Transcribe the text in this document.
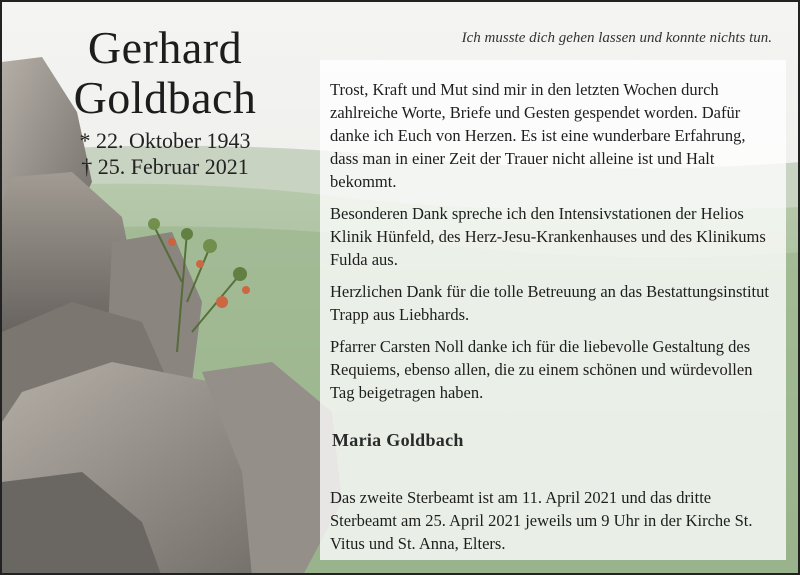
Gerhard
Goldbach
* 22. Oktober 1943
† 25. Februar 2021
Ich musste dich gehen lassen und konnte nichts tun.

Trost, Kraft und Mut sind mir in den letzten Wochen durch zahlreiche Worte, Briefe und Gesten gespendet worden. Dafür danke ich Euch von Herzen. Es ist eine wunderbare Erfahrung, dass man in einer Zeit der Trauer nicht alleine ist und Halt bekommt.

Besonderen Dank spreche ich den Intensivstationen der Helios Klinik Hünfeld, des Herz-Jesu-Krankenhauses und des Klinikums Fulda aus.

Herzlichen Dank für die tolle Betreuung an das Bestattungsinstitut Trapp aus Liebhards.

Pfarrer Carsten Noll danke ich für die liebevolle Gestaltung des Requiems, ebenso allen, die zu einem schönen und würdevollen Tag beigetragen haben.

Maria Goldbach
Das zweite Sterbeamt ist am 11. April 2021 und das dritte Sterbeamt am 25. April 2021 jeweils um 9 Uhr in der Kirche St. Vitus und St. Anna, Elters.
